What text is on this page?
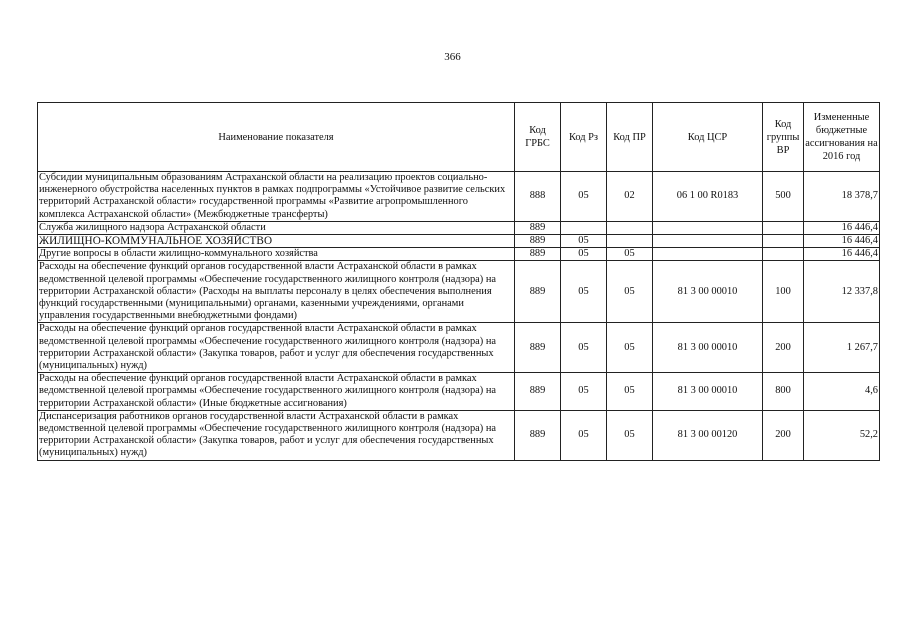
366
Наименование показателя	Код ГРБС	Код Рз	Код ПР	Код ЦСР	Код группы ВР	Измененные бюджетные ассигнования на 2016 год
Субсидии муниципальным образованиям Астраханской области на реализацию проектов социально-инженерного обустройства населенных пунктов в рамках подпрограммы «Устойчивое развитие сельских территорий Астраханской области» государственной программы «Развитие агропромышленного комплекса Астраханской области» (Межбюджетные трансферты)	888	05	02	06 1 00 R0183	500	18 378,7
Служба жилищного надзора Астраханской области	889					16 446,4
ЖИЛИЩНО-КОММУНАЛЬНОЕ ХОЗЯЙСТВО	889	05				16 446,4
Другие вопросы в области жилищно-коммунального хозяйства	889	05	05			16 446,4
Расходы на обеспечение функций органов государственной власти Астраханской области в рамках ведомственной целевой программы «Обеспечение государственного жилищного контроля (надзора) на территории Астраханской области» (Расходы на выплаты персоналу в целях обеспечения выполнения функций государственными (муниципальными) органами, казенными учреждениями, органами управления государственными внебюджетными фондами)	889	05	05	81 3 00 00010	100	12 337,8
Расходы на обеспечение функций органов государственной власти Астраханской области в рамках ведомственной целевой программы «Обеспечение государственного жилищного контроля (надзора) на территории Астраханской области» (Закупка товаров, работ и услуг для обеспечения государственных (муниципальных) нужд)	889	05	05	81 3 00 00010	200	1 267,7
Расходы на обеспечение функций органов государственной власти Астраханской области в рамках ведомственной целевой программы «Обеспечение государственного жилищного контроля (надзора) на территории Астраханской области» (Иные бюджетные ассигнования)	889	05	05	81 3 00 00010	800	4,6
Диспансеризация работников органов государственной власти Астраханской области в рамках ведомственной целевой программы «Обеспечение государственного жилищного контроля (надзора) на территории Астраханской области» (Закупка товаров, работ и услуг для обеспечения государственных (муниципальных) нужд)	889	05	05	81 3 00 00120	200	52,2
